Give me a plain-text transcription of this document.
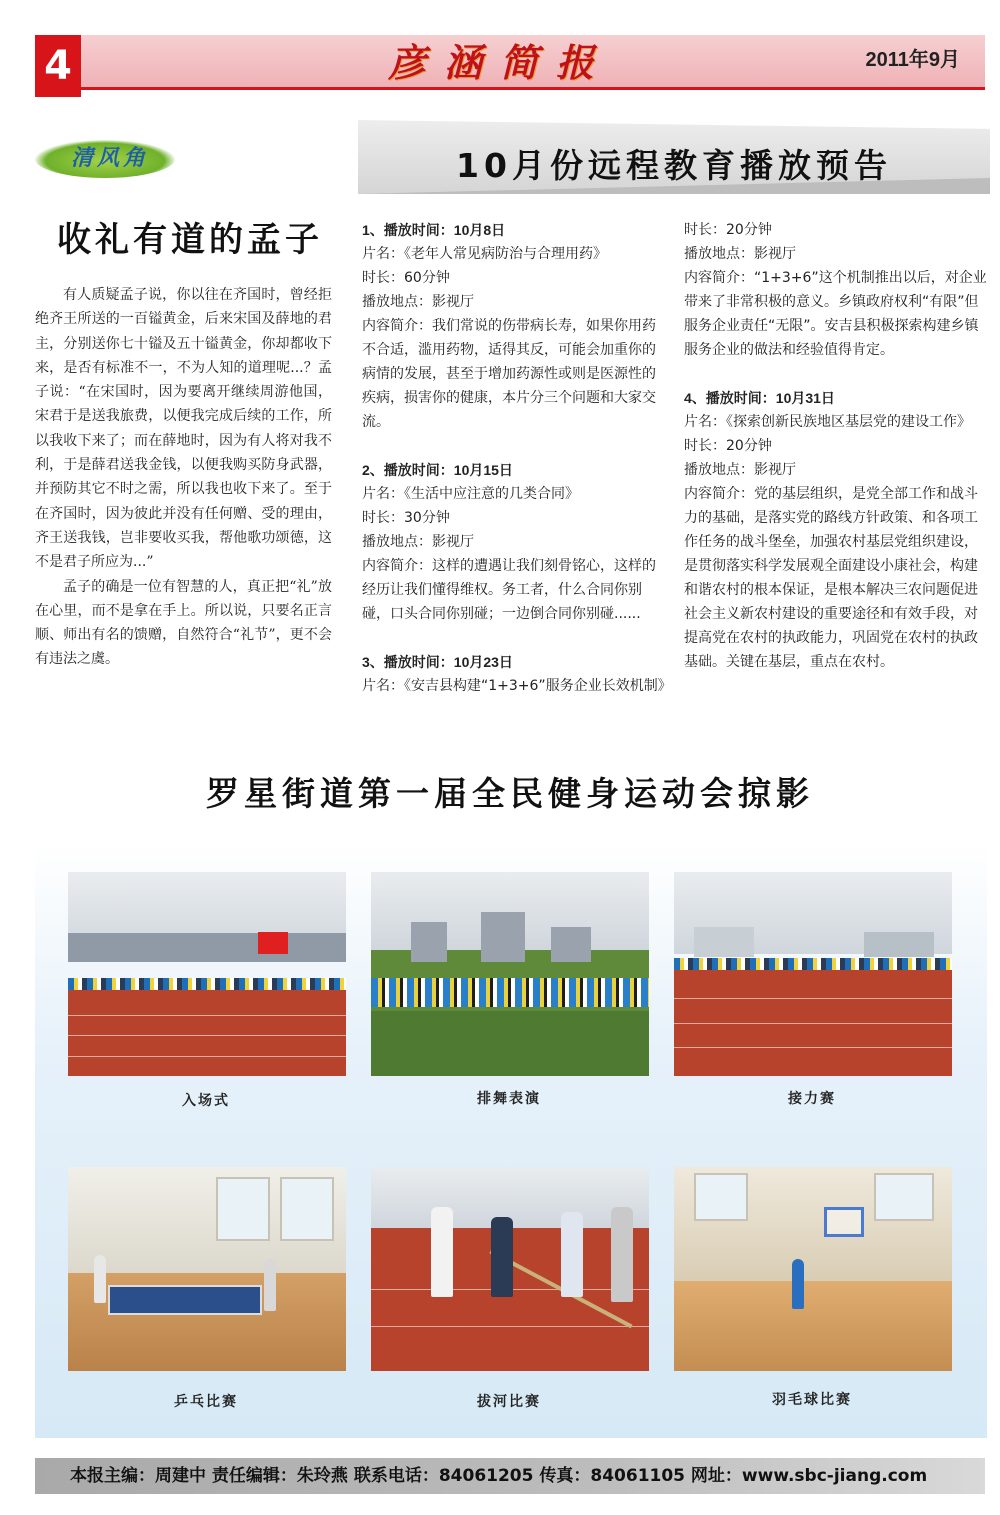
4	彦涵简报	2011年9月
清风角	10月份远程教育播放预告
收礼有道的孟子

有人质疑孟子说，你以往在齐国时，曾经拒绝齐王所送的一百镒黄金，后来宋国及薛地的君主，分别送你七十镒及五十镒黄金，你却都收下来，是否有标准不一，不为人知的道理呢...？孟子说：“在宋国时，因为要离开继续周游他国，宋君于是送我旅费，以便我完成后续的工作，所以我收下来了；而在薛地时，因为有人将对我不利，于是薛君送我金钱，以便我购买防身武器，并预防其它不时之需，所以我也收下来了。至于在齐国时，因为彼此并没有任何赠、受的理由，齐王送我钱，岂非要收买我，帮他歌功颂德，这不是君子所应为...”

孟子的确是一位有智慧的人，真正把“礼”放在心里，而不是拿在手上。所以说，只要名正言顺、师出有名的馈赠，自然符合“礼节”，更不会有违法之虞。

1、播放时间：10月8日
片名：《老年人常见病防治与合理用药》
时长：60分钟
播放地点：影视厅
内容简介：我们常说的伤带病长寿，如果你用药不合适，滥用药物，适得其反，可能会加重你的病情的发展，甚至于增加药源性或则是医源性的疾病，损害你的健康，本片分三个问题和大家交流。
2、播放时间：10月15日
片名：《生活中应注意的几类合同》
时长：30分钟
播放地点：影视厅
内容简介：这样的遭遇让我们刻骨铭心，这样的经历让我们懂得维权。务工者，什么合同你别碰，口头合同你别碰；一边倒合同你别碰......
3、播放时间：10月23日
片名：《安吉县构建“1+3+6”服务企业长效机制》
时长：20分钟
播放地点：影视厅
内容简介：“1+3+6”这个机制推出以后，对企业带来了非常积极的意义。乡镇政府权利“有限”但服务企业责任“无限”。安吉县积极探索构建乡镇服务企业的做法和经验值得肯定。
4、播放时间：10月31日
片名：《探索创新民族地区基层党的建设工作》
时长：20分钟
播放地点：影视厅
内容简介：党的基层组织，是党全部工作和战斗力的基础，是落实党的路线方针政策、和各项工作任务的战斗堡垒，加强农村基层党组织建设，是贯彻落实科学发展观全面建设小康社会，构建和谐农村的根本保证，是根本解决三农问题促进社会主义新农村建设的重要途径和有效手段，对提高党在农村的执政能力，巩固党在农村的执政基础。关键在基层，重点在农村。
罗星街道第一届全民健身运动会掠影
入场式	排舞表演	接力赛
乒乓比赛	拔河比赛	羽毛球比赛
本报主编：周建中 责任编辑：朱玲燕 联系电话：84061205 传真：84061105 网址：www.sbc-jiang.com
